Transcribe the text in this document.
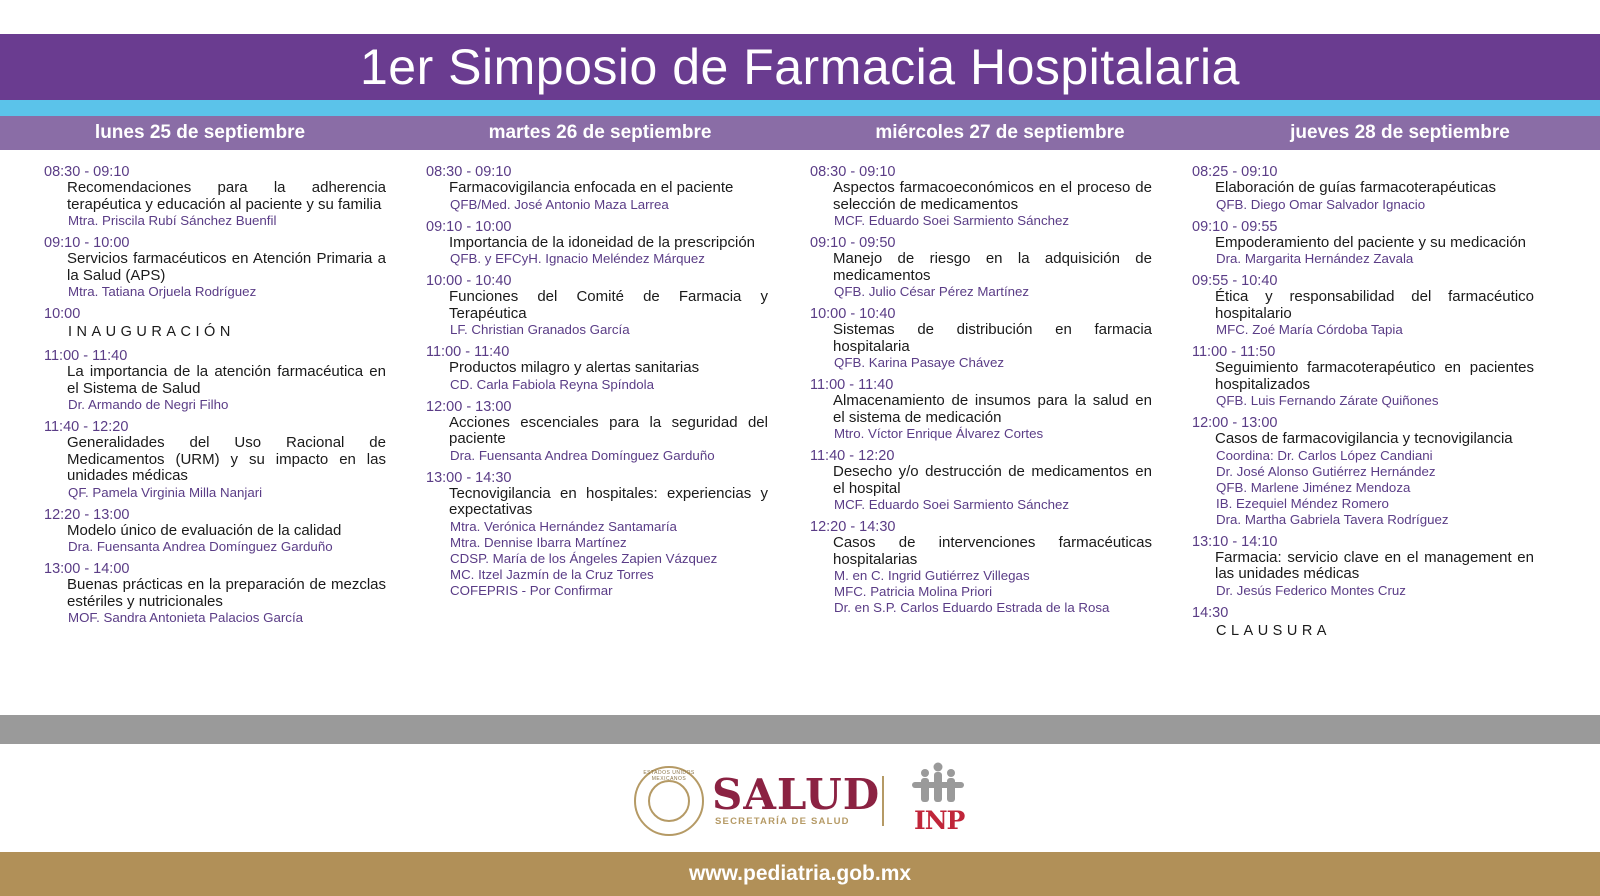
1er Simposio de Farmacia Hospitalaria
lunes 25 de septiembre	martes 26 de septiembre	miércoles 27 de septiembre	jueves 28 de septiembre
08:30 - 09:10
Recomendaciones para la adherencia terapéutica y educación al paciente y su familia
Mtra. Priscila Rubí Sánchez Buenfil
09:10 - 10:00
Servicios farmacéuticos en Atención Primaria a la Salud (APS)
Mtra. Tatiana Orjuela Rodríguez
10:00
INAUGURACIÓN
11:00 - 11:40
La importancia de la atención farmacéutica en el Sistema de Salud
Dr. Armando de Negri Filho
11:40 - 12:20
Generalidades del Uso Racional de Medicamentos (URM) y su impacto en las unidades médicas
QF. Pamela Virginia Milla Nanjari
12:20 - 13:00
Modelo único de evaluación de la calidad
Dra. Fuensanta Andrea Domínguez Garduño
13:00 - 14:00
Buenas prácticas en la preparación de mezclas estériles y nutricionales
MOF. Sandra Antonieta Palacios García
08:30 - 09:10
Farmacovigilancia enfocada en el paciente
QFB/Med. José Antonio Maza Larrea
09:10 - 10:00
Importancia de la idoneidad de la prescripción
QFB. y EFCyH. Ignacio Meléndez Márquez
10:00 - 10:40
Funciones del Comité de Farmacia y Terapéutica
LF. Christian Granados García
11:00 - 11:40
Productos milagro y alertas sanitarias
CD. Carla Fabiola Reyna Spíndola
12:00 - 13:00
Acciones escenciales para la seguridad del paciente
Dra. Fuensanta Andrea Domínguez Garduño
13:00 - 14:30
Tecnovigilancia en hospitales: experiencias y expectativas
Mtra. Verónica Hernández Santamaría
Mtra. Dennise Ibarra Martínez
CDSP. María de los Ángeles Zapien Vázquez
MC. Itzel Jazmín de la Cruz Torres
COFEPRIS - Por Confirmar
08:30 - 09:10
Aspectos farmacoeconómicos en el proceso de selección de medicamentos
MCF. Eduardo Soei Sarmiento Sánchez
09:10 - 09:50
Manejo de riesgo en la adquisición de medicamentos
QFB. Julio César Pérez Martínez
10:00 - 10:40
Sistemas de distribución en farmacia hospitalaria
QFB. Karina Pasaye Chávez
11:00 - 11:40
Almacenamiento de insumos para la salud en el sistema de medicación
Mtro. Víctor Enrique Álvarez Cortes
11:40 - 12:20
Desecho y/o destrucción de medicamentos en el hospital
MCF. Eduardo Soei Sarmiento Sánchez
12:20 - 14:30
Casos de intervenciones farmacéuticas hospitalarias
M. en C. Ingrid Gutiérrez Villegas
MFC. Patricia Molina Priori
Dr. en S.P. Carlos Eduardo Estrada de la Rosa
08:25 - 09:10
Elaboración de guías farmacoterapéuticas
QFB. Diego Omar Salvador Ignacio
09:10 - 09:55
Empoderamiento del paciente y su medicación
Dra. Margarita Hernández Zavala
09:55 - 10:40
Ética y responsabilidad del farmacéutico hospitalario
MFC. Zoé María Córdoba Tapia
11:00 - 11:50
Seguimiento farmacoterapéutico en pacientes hospitalizados
QFB. Luis Fernando Zárate Quiñones
12:00 - 13:00
Casos de farmacovigilancia y tecnovigilancia
Coordina: Dr. Carlos López Candiani
Dr. José Alonso Gutiérrez Hernández
QFB. Marlene Jiménez Mendoza
IB. Ezequiel Méndez Romero
Dra. Martha Gabriela Tavera Rodríguez
13:10 - 14:10
Farmacia: servicio clave en el management en las unidades médicas
Dr. Jesús Federico Montes Cruz
14:30
CLAUSURA
ESTADOS UNIDOS MEXICANOS SALUD
SECRETARÍA DE SALUD	INP
www.pediatria.gob.mx
